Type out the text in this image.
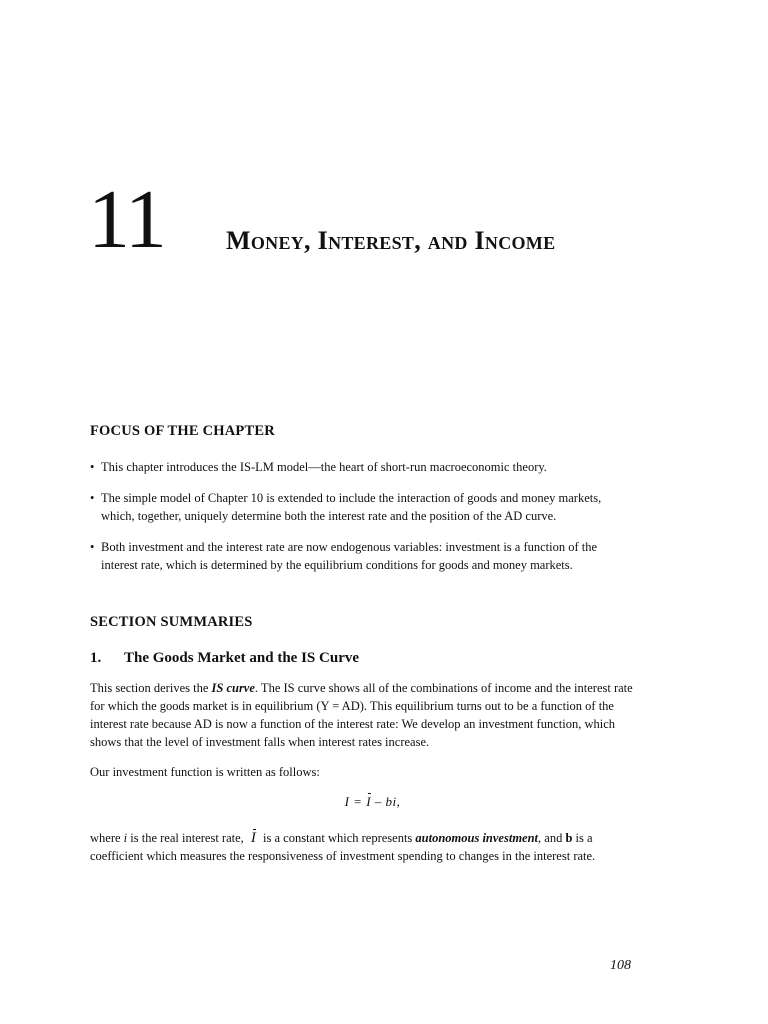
11 Money, Interest, and Income
FOCUS OF THE CHAPTER
• This chapter introduces the IS-LM model—the heart of short-run macroeconomic theory.
• The simple model of Chapter 10 is extended to include the interaction of goods and money markets, which, together, uniquely determine both the interest rate and the position of the AD curve.
• Both investment and the interest rate are now endogenous variables: investment is a function of the interest rate, which is determined by the equilibrium conditions for goods and money markets.
SECTION SUMMARIES
1.	The Goods Market and the IS Curve

This section derives the IS curve. The IS curve shows all of the combinations of income and the interest rate for which the goods market is in equilibrium (Y = AD). This equilibrium turns out to be a function of the interest rate because AD is now a function of the interest rate: We develop an investment function, which shows that the level of investment falls when interest rates increase.

Our investment function is written as follows:

I = I – bi,

where i is the real interest rate, I is a constant which represents autonomous investment, and b is a coefficient which measures the responsiveness of investment spending to changes in the interest rate.

108
